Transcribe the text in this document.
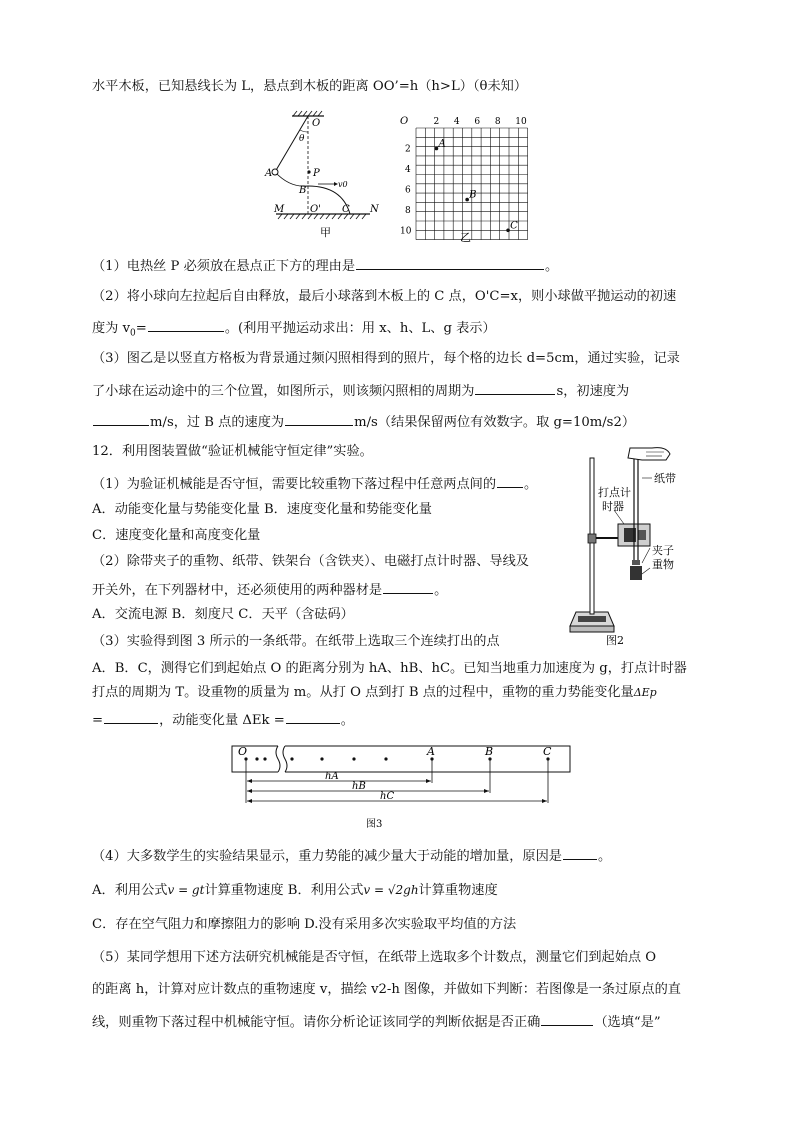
水平木板，已知悬线长为 L，悬点到木板的距离 OO’=h（h>L）（θ未知）
O
θ
A	P
B
v0
M	O' C N
甲
2 4 6 8 10
2
4
6
8
10
A
B
C
O
乙
（1）电热丝 P 必须放在悬点正下方的理由是	。
（2）将小球向左拉起后自由释放，最后小球落到木板上的 C 点，O'C=x，则小球做平抛运动的初速
度为 $v_0=$	。(利用平抛运动求出：用 x、h、L、g 表示）
（3）图乙是以竖直方格板为背景通过频闪照相得到的照片，每个格的边长 d=5cm，通过实验，记录
了小球在运动途中的三个位置，如图所示，则该频闪照相的周期为	s，初速度为
m/s，过 B 点的速度为	m/s（结果保留两位有效数字。取 g=10m/s2）
12．利用图装置做“验证机械能守恒定律”实验。
（1）为验证机械能是否守恒，需要比较重物下落过程中任意两点间的 。
A．动能变化量与势能变化量 B．速度变化量和势能变化量
C．速度变化量和高度变化量
（2）除带夹子的重物、纸带、铁架台（含铁夹）、电磁打点计时器、导线及
开关外，在下列器材中，还必须使用的两种器材是	。
A．交流电源 B．刻度尺 C．天平（含砝码）
（3）实验得到图 3 所示的一条纸带。在纸带上选取三个连续打出的点
A．B．C，测得它们到起始点 O 的距离分别为 hA、hB、hC。已知当地重力加速度为 g，打点计时器
打点的周期为 T。设重物的质量为 m。从打 O 点到打 B 点的过程中，重物的重力势能变化量ΔEp
=	，动能变化量 ΔEk =	。
纸带
打点计
时器
夹子
重物
图2
O	A	B	C
hA
hB
hC
图3
（4）大多数学生的实验结果显示，重力势能的减少量大于动能的增加量，原因是	。
A．利用公式v = gt计算重物速度 B．利用公式v = √2gh计算重物速度
C．存在空气阻力和摩擦阻力的影响 D.没有采用多次实验取平均值的方法
（5）某同学想用下述方法研究机械能是否守恒，在纸带上选取多个计数点，测量它们到起始点 O
的距离 h，计算对应计数点的重物速度 v，描绘 v2-h 图像，并做如下判断：若图像是一条过原点的直
线，则重物下落过程中机械能守恒。请你分析论证该同学的判断依据是否正确	（选填“是”
